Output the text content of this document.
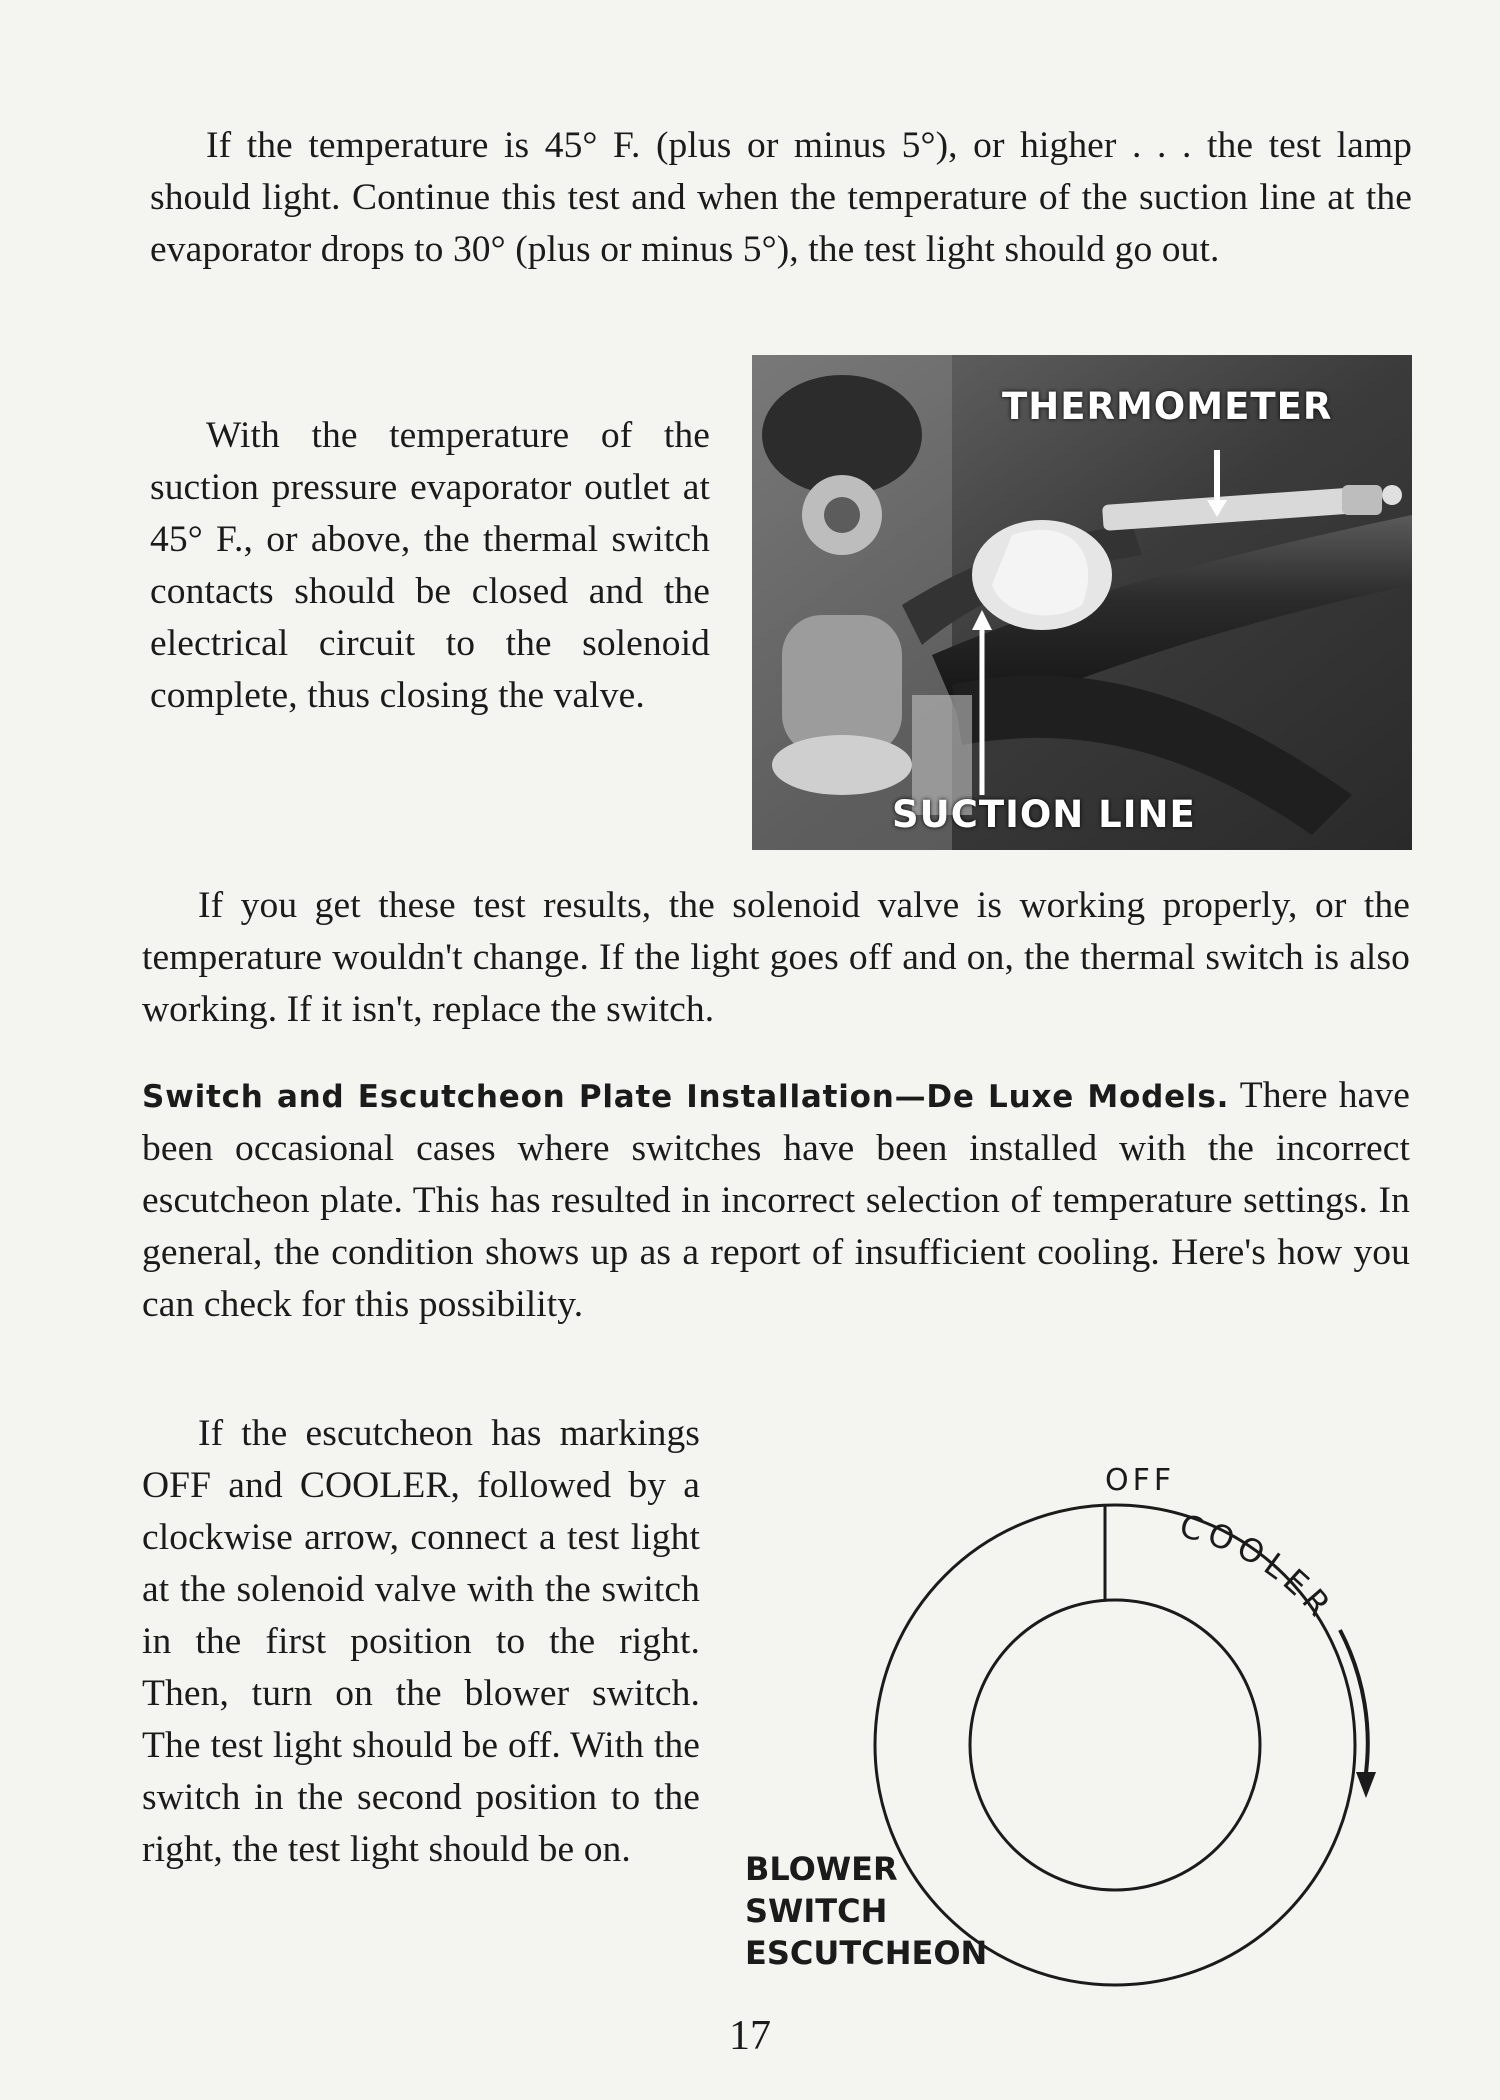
If the temperature is 45° F. (plus or minus 5°), or higher . . . the test lamp should light. Continue this test and when the temperature of the suction line at the evaporator drops to 30° (plus or minus 5°), the test light should go out.

With the temperature of the suction pressure evaporator outlet at 45° F., or above, the thermal switch contacts should be closed and the electrical circuit to the solenoid complete, thus closing the valve.

THERMOMETER
SUCTION LINE

If you get these test results, the solenoid valve is working properly, or the temperature wouldn't change. If the light goes off and on, the thermal switch is also working. If it isn't, replace the switch.

Switch and Escutcheon Plate Installation—De Luxe Models. There have been occasional cases where switches have been installed with the incorrect escutcheon plate. This has resulted in incorrect selection of temperature settings. In general, the condition shows up as a report of insufficient cooling. Here's how you can check for this possibility.

If the escutcheon has markings OFF and COOLER, followed by a clockwise arrow, connect a test light at the solenoid valve with the switch in the first position to the right. Then, turn on the blower switch. The test light should be off. With the switch in the second position to the right, the test light should be on.

OFF
COOLER
BLOWER
SWITCH
ESCUTCHEON
17
